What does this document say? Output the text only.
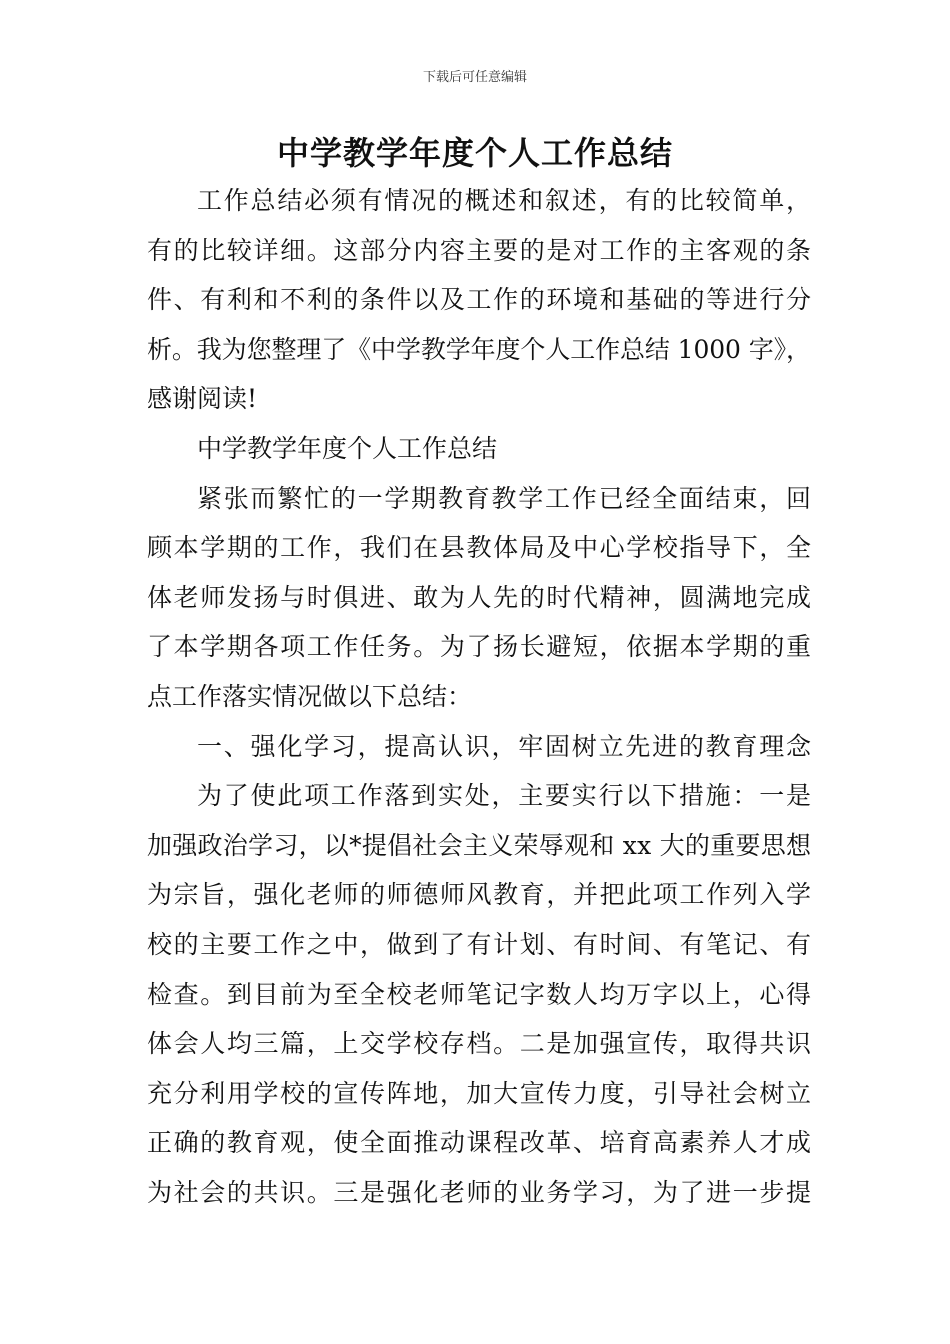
下载后可任意编辑
中学教学年度个人工作总结
工作总结必须有情况的概述和叙述，有的比较简单，
有的比较详细。这部分内容主要的是对工作的主客观的条
件、有利和不利的条件以及工作的环境和基础的等进行分
析。我为您整理了《中学教学年度个人工作总结 1000 字》，
感谢阅读!
中学教学年度个人工作总结
紧张而繁忙的一学期教育教学工作已经全面结束，回
顾本学期的工作，我们在县教体局及中心学校指导下，全
体老师发扬与时俱进、敢为人先的时代精神，圆满地完成
了本学期各项工作任务。为了扬长避短，依据本学期的重
点工作落实情况做以下总结：
一、强化学习，提高认识，牢固树立先进的教育理念
为了使此项工作落到实处，主要实行以下措施：一是
加强政治学习，以*提倡社会主义荣辱观和 xx 大的重要思想
为宗旨，强化老师的师德师风教育，并把此项工作列入学
校的主要工作之中，做到了有计划、有时间、有笔记、有
检查。到目前为至全校老师笔记字数人均万字以上，心得
体会人均三篇，上交学校存档。二是加强宣传，取得共识
充分利用学校的宣传阵地，加大宣传力度，引导社会树立
正确的教育观，使全面推动课程改革、培育高素养人才成
为社会的共识。三是强化老师的业务学习，为了进一步提
